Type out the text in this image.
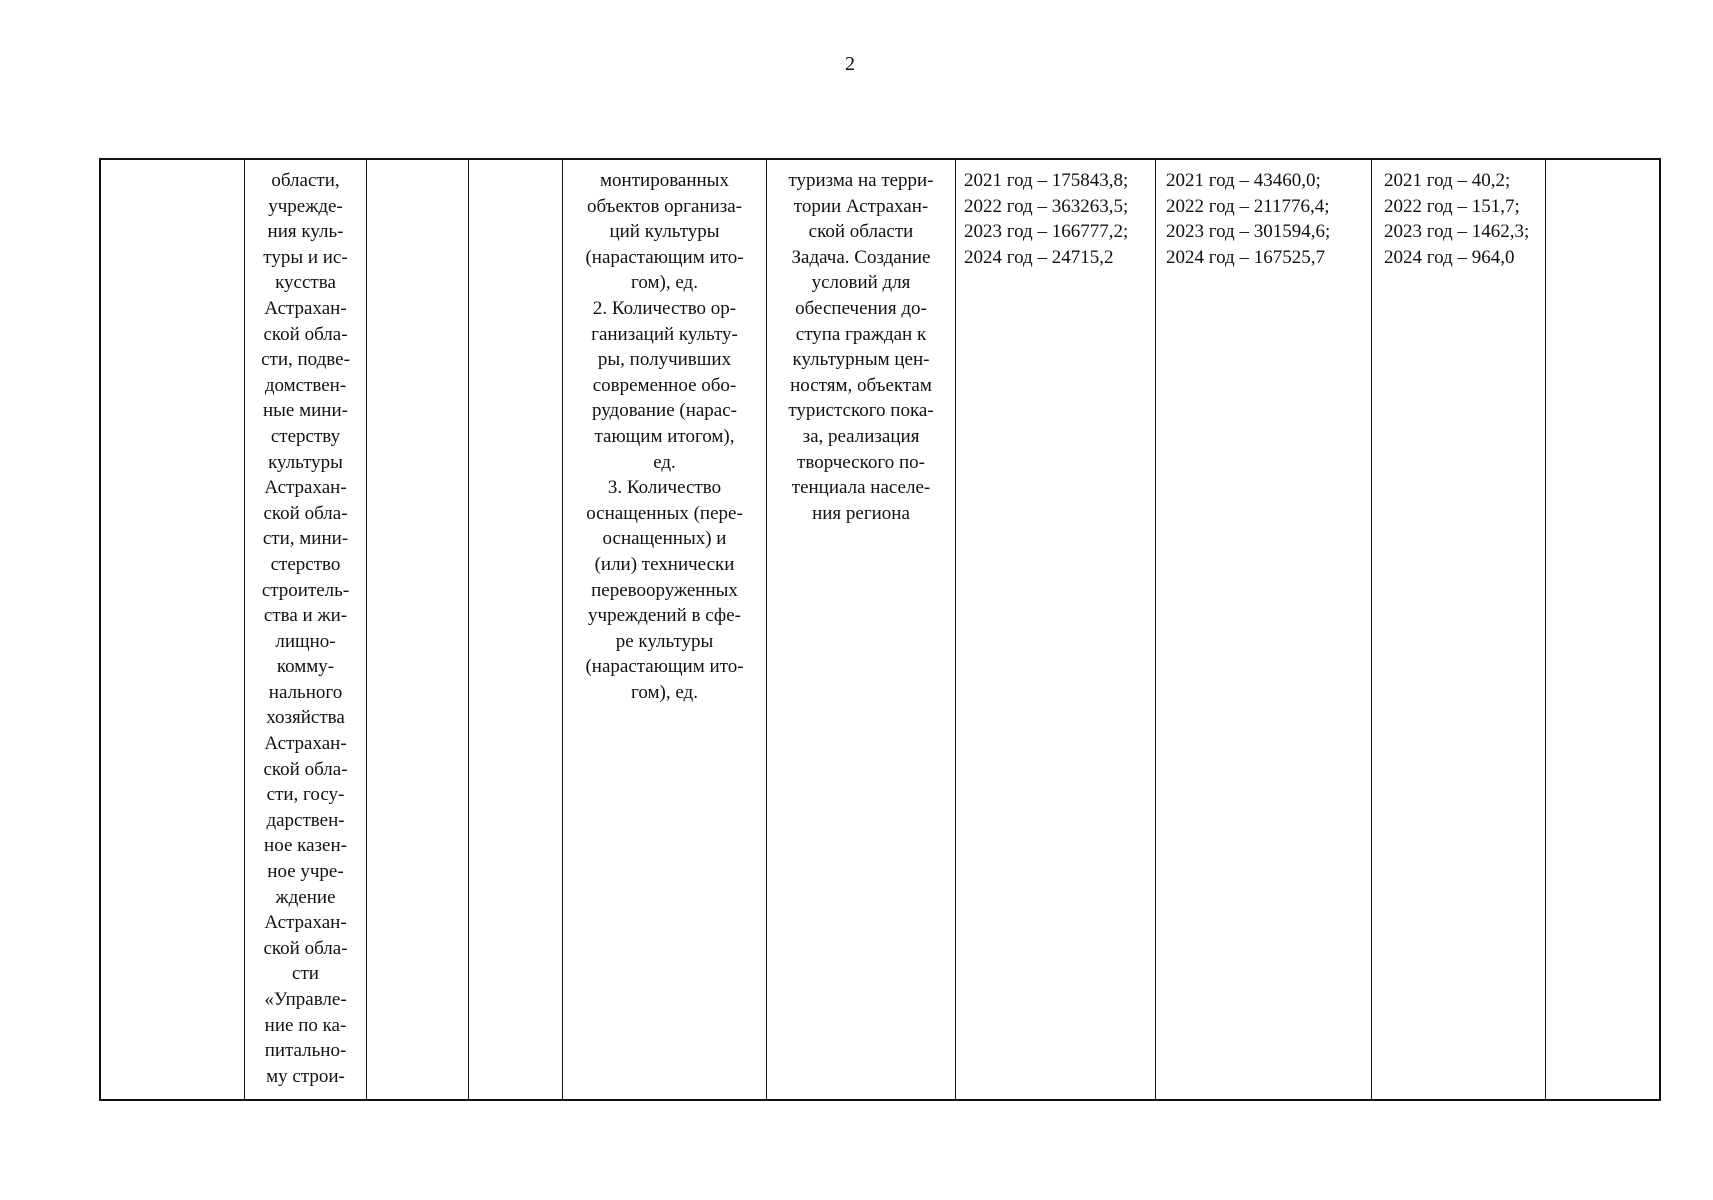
2
области,
учрежде-
ния куль-
туры и ис-
кусства
Астрахан-
ской обла-
сти, подве-
домствен-
ные мини-
стерству
культуры
Астрахан-
ской обла-
сти, мини-
стерство
строитель-
ства и жи-
лищно-
комму-
нального
хозяйства
Астрахан-
ской обла-
сти, госу-
дарствен-
ное казен-
ное учре-
ждение
Астрахан-
ской обла-
сти
«Управле-
ние по ка-
питально-
му строи-
монтированных
объектов организа-
ций культуры
(нарастающим ито-
гом), ед.
2. Количество ор-
ганизаций культу-
ры, получивших
современное обо-
рудование (нарас-
тающим итогом),
ед.
3. Количество
оснащенных (пере-
оснащенных) и
(или) технически
перевооруженных
учреждений в сфе-
ре культуры
(нарастающим ито-
гом), ед.
туризма на терри-
тории Астрахан-
ской области
Задача. Создание
условий для
обеспечения до-
ступа граждан к
культурным цен-
ностям, объектам
туристского пока-
за, реализация
творческого по-
тенциала населе-
ния региона
2021 год – 175843,8;
2022 год – 363263,5;
2023 год – 166777,2;
2024 год – 24715,2
2021 год – 43460,0;
2022 год – 211776,4;
2023 год – 301594,6;
2024 год – 167525,7
2021 год – 40,2;
2022 год – 151,7;
2023 год – 1462,3;
2024 год – 964,0
